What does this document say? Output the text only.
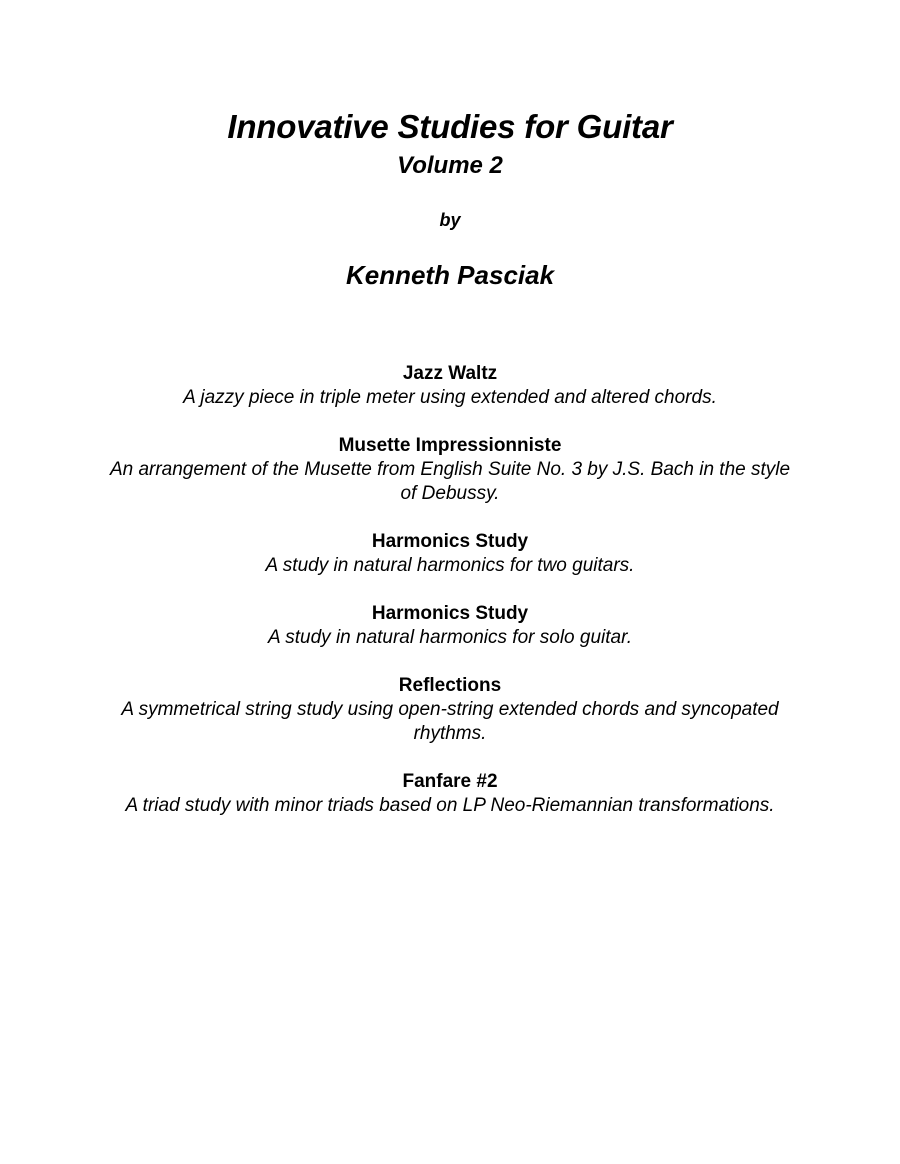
Innovative Studies for Guitar
Volume 2

by

Kenneth Pasciak

Jazz Waltz
A jazzy piece in triple meter using extended and altered chords.
Musette Impressionniste
An arrangement of the Musette from English Suite No. 3 by J.S. Bach in the style of Debussy.
Harmonics Study
A study in natural harmonics for two guitars.
Harmonics Study
A study in natural harmonics for solo guitar.
Reflections
A symmetrical string study using open-string extended chords and syncopated rhythms.
Fanfare #2
A triad study with minor triads based on LP Neo-Riemannian transformations.
